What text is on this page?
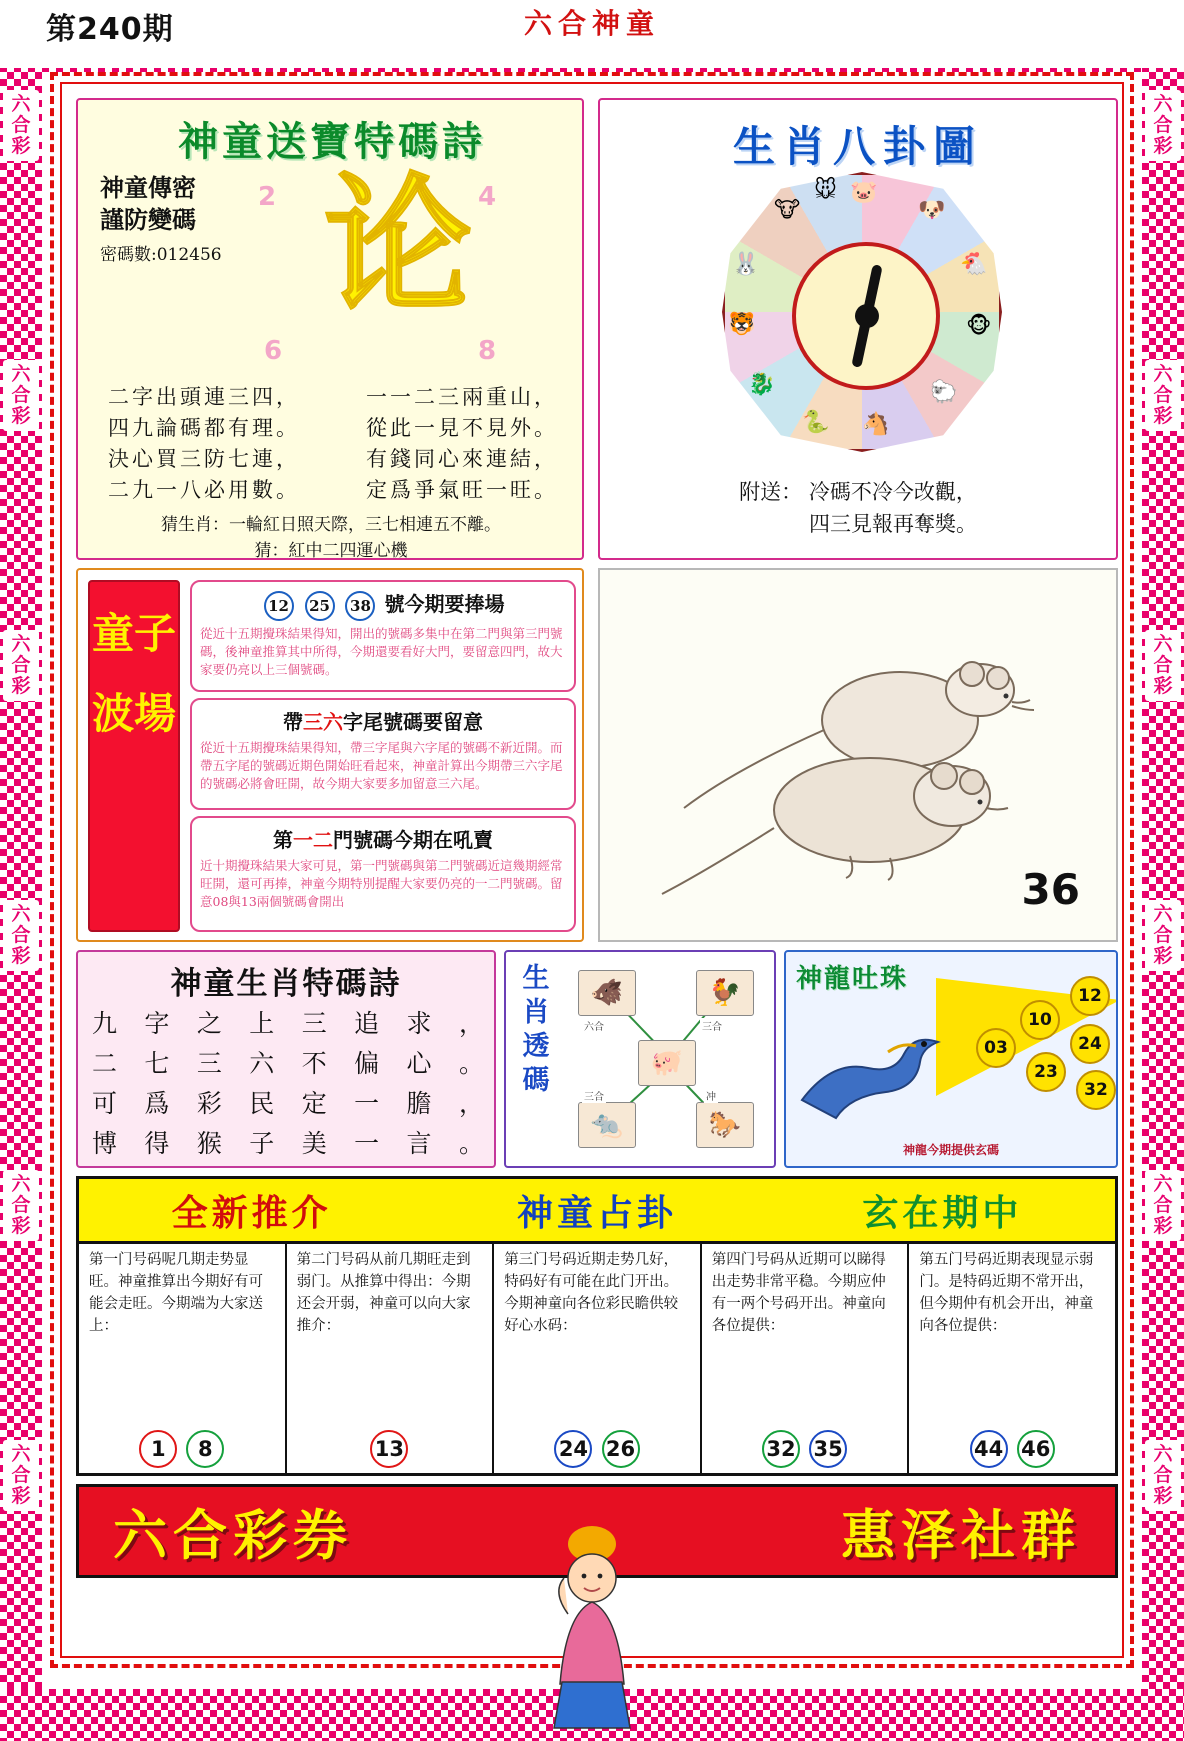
第240期	六合神童
六合彩
六合彩
六合彩
六合彩
六合彩
六合彩
六合彩
六合彩
六合彩
六合彩
六合彩
六合彩
神童送寶特碼詩
神童傳密
謹防變碼
密碼數:012456
2	4
6	8
论
二字出頭連三四，
四九論碼都有理。
決心買三防七連，
二九一八必用數。
一一二三兩重山，
從此一見不見外。
有錢同心來連結，
定爲爭氣旺一旺。
猜生肖：一輪紅日照天際，三七相連五不離。
猜：紅中二四運心機
生肖八卦圖
🐷
🐶
🐔
🐵
🐑
🐴
🐍
🐉
🐯
🐰
🐮
🐭
附送： 冷碼不冷今改觀，
四三見報再奪獎。
童子波場
12 25 38 號今期要捧場

從近十五期攪珠結果得知，開出的號碼多集中在第二門與第三門號碼，後神童推算其中所得，今期還要看好大門，要留意四門，故大家要仍亮以上三個號碼。

帶三六字尾號碼要留意

從近十五期攪珠結果得知，帶三字尾與六字尾的號碼不新近開。而帶五字尾的號碼近期色開始旺看起來，神童計算出今期帶三六字尾的號碼必將會旺開，故今期大家要多加留意三六尾。

第一二門號碼今期在吼賣

近十期攪珠結果大家可見，第一門號碼與第二門號碼近這幾期經常旺開，還可再捧，神童今期特別提醒大家要仍亮的一二門號碼。留意08與13兩個號碼會開出	36
神童生肖特碼詩
九 字 之 上 三 追 求 ，
二 七 三 六 不 偏 心 。
可 爲 彩 民 定 一 膽 ，
博 得 猴 子 美 一 言 。
生肖透碼
🐗	🐓
🐖
🐀	🐎
六合	三合
三合	冲
神龍吐珠
12
10
24
03
23
32
神龍今期提供玄碼
全新推介	神童占卦	玄在期中

第一门号码呢几期走势显旺。神童推算出今期好有可能会走旺。今期端为大家送上：

1 8

第二门号码从前几期旺走到弱门。从推算中得出：今期还会开弱，神童可以向大家推介：

13

第三门号码近期走势几好，特码好有可能在此门开出。今期神童向各位彩民瞻供较好心水码：

24 26

第四门号码从近期可以睇得出走势非常平稳。今期应仲有一两个号码开出。神童向各位提供：

32 35

第五门号码近期表现显示弱门。是特码近期不常开出，但今期仲有机会开出，神童向各位提供：

44 46
六合彩券	惠泽社群
